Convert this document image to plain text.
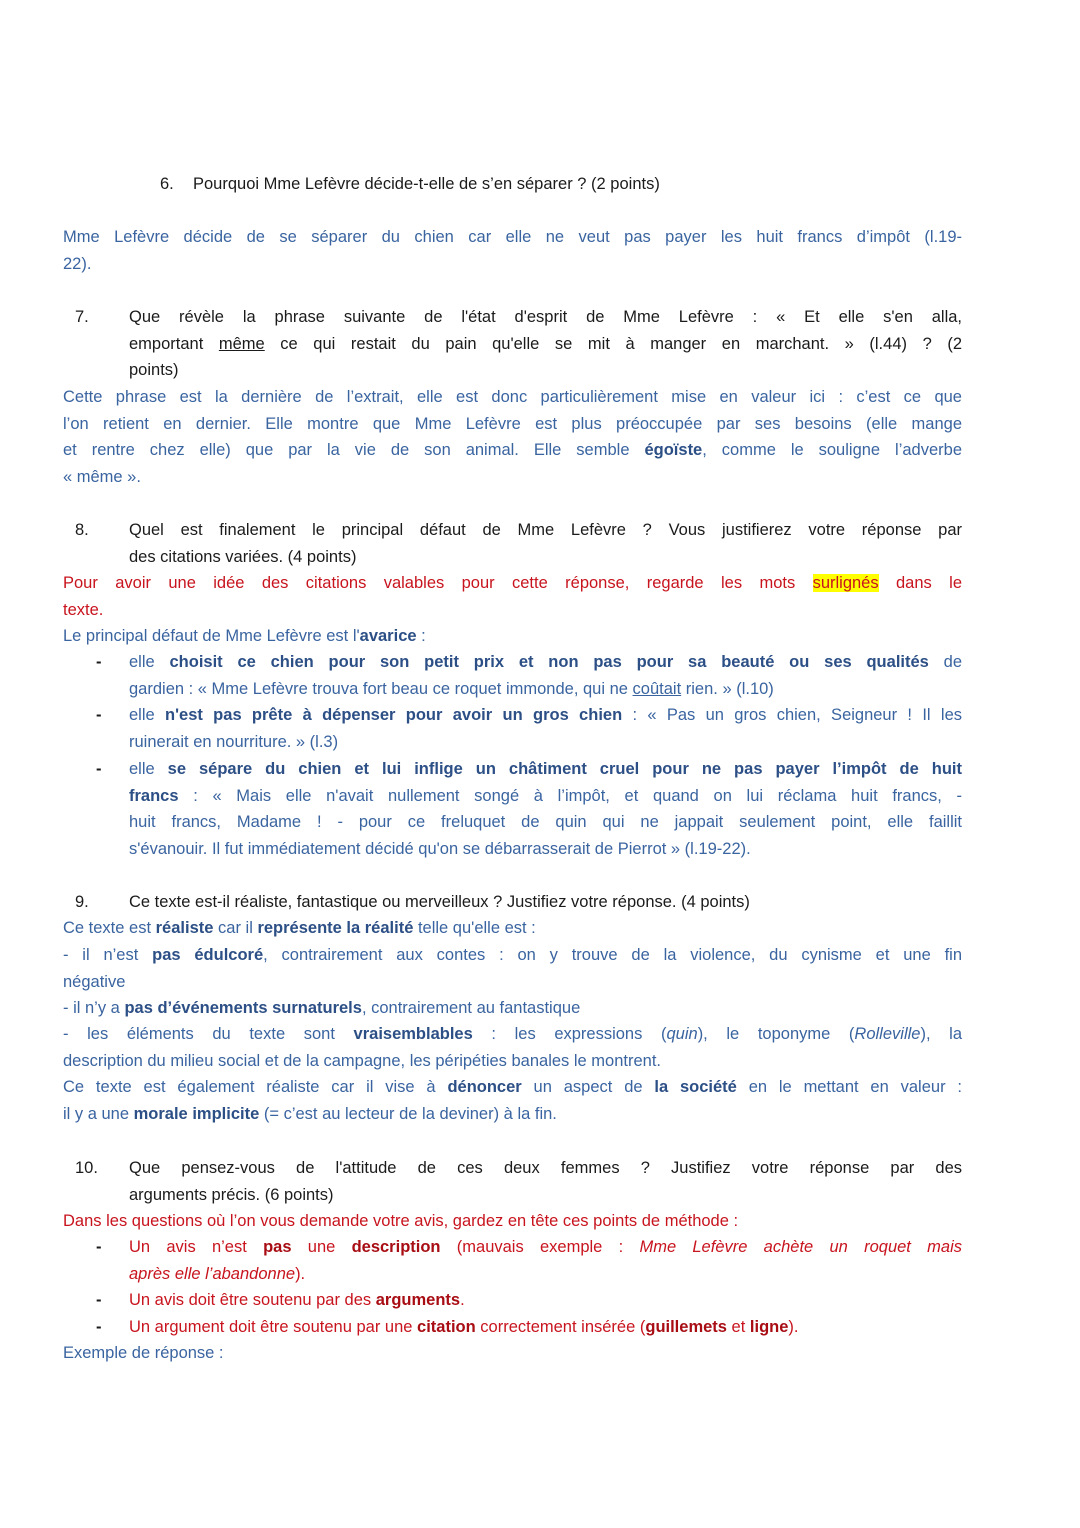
6. Pourquoi Mme Lefèvre décide-t-elle de s’en séparer ? (2 points)
Mme Lefèvre décide de se séparer du chien car elle ne veut pas payer les huit francs d’impôt (l.19-
22).
7. Que révèle la phrase suivante de l'état d'esprit de Mme Lefèvre : « Et elle s'en alla,
emportant même ce qui restait du pain qu'elle se mit à manger en marchant. » (l.44) ? (2
points)
Cette phrase est la dernière de l’extrait, elle est donc particulièrement mise en valeur ici : c’est ce que
l’on retient en dernier. Elle montre que Mme Lefèvre est plus préoccupée par ses besoins (elle mange
et rentre chez elle) que par la vie de son animal. Elle semble égoïste, comme le souligne l’adverbe
« même ».
8. Quel est finalement le principal défaut de Mme Lefèvre ? Vous justifierez votre réponse par
des citations variées. (4 points)
Pour avoir une idée des citations valables pour cette réponse, regarde les mots surlignés dans le
texte.
Le principal défaut de Mme Lefèvre est l'avarice :
- elle choisit ce chien pour son petit prix et non pas pour sa beauté ou ses qualités de
gardien : « Mme Lefèvre trouva fort beau ce roquet immonde, qui ne coûtait rien. » (l.10)
- elle n'est pas prête à dépenser pour avoir un gros chien : « Pas un gros chien, Seigneur ! Il les
ruinerait en nourriture. » (l.3)
- elle se sépare du chien et lui inflige un châtiment cruel pour ne pas payer l’impôt de huit
francs : « Mais elle n'avait nullement songé à l’impôt, et quand on lui réclama huit francs, -
huit francs, Madame ! - pour ce freluquet de quin qui ne jappait seulement point, elle faillit
s'évanouir. Il fut immédiatement décidé qu'on se débarrasserait de Pierrot » (l.19-22).
9. Ce texte est-il réaliste, fantastique ou merveilleux ? Justifiez votre réponse. (4 points)
Ce texte est réaliste car il représente la réalité telle qu'elle est :
- il n’est pas édulcoré, contrairement aux contes : on y trouve de la violence, du cynisme et une fin
négative
- il n’y a pas d’événements surnaturels, contrairement au fantastique
- les éléments du texte sont vraisemblables : les expressions (quin), le toponyme (Rolleville), la
description du milieu social et de la campagne, les péripéties banales le montrent.
Ce texte est également réaliste car il vise à dénoncer un aspect de la société en le mettant en valeur :
il y a une morale implicite (= c’est au lecteur de la deviner) à la fin.
10. Que pensez-vous de l'attitude de ces deux femmes ? Justifiez votre réponse par des
arguments précis. (6 points)
Dans les questions où l’on vous demande votre avis, gardez en tête ces points de méthode :
- Un avis n’est pas une description (mauvais exemple : Mme Lefèvre achète un roquet mais
après elle l’abandonne).
- Un avis doit être soutenu par des arguments.
- Un argument doit être soutenu par une citation correctement insérée (guillemets et ligne).
Exemple de réponse :
